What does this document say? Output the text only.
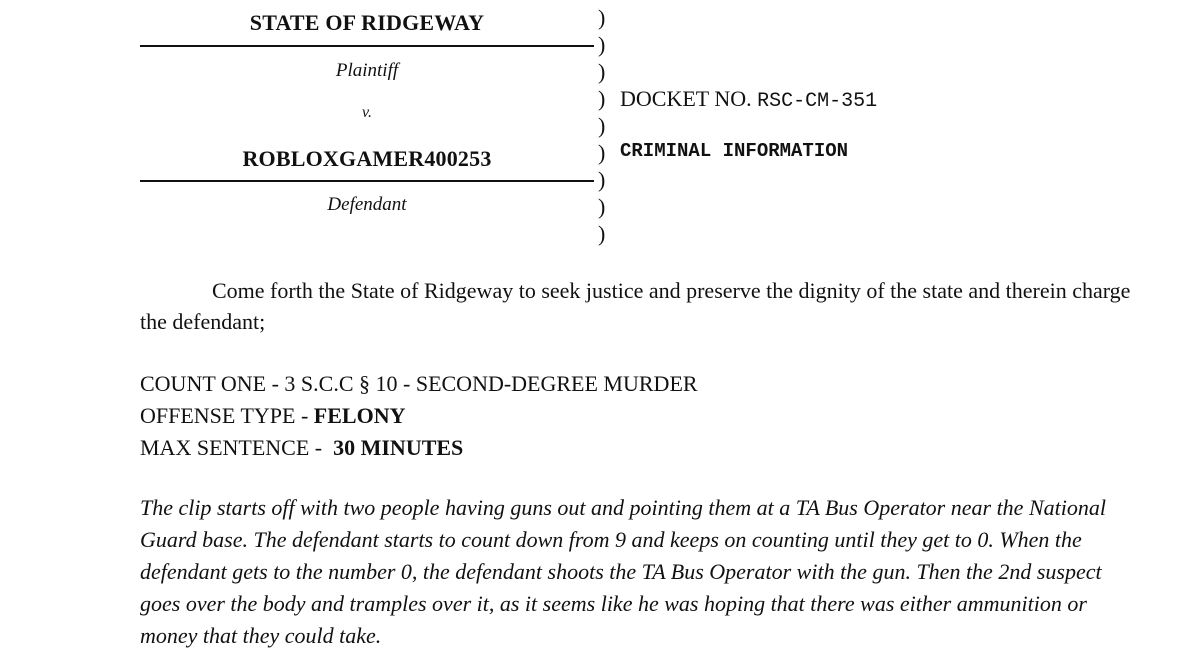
STATE OF RIDGEWAY
Plaintiff
v.
ROBLOXGAMER400253
Defendant
)
)
)
)
)
)
)
)
)
DOCKET NO. RSC-CM-351
CRIMINAL INFORMATION

Come forth the State of Ridgeway to seek justice and preserve the dignity of the state and therein charge the defendant;

COUNT ONE - 3 S.C.C § 10 - SECOND-DEGREE MURDER
OFFENSE TYPE - FELONY
MAX SENTENCE -  30 MINUTES

The clip starts off with two people having guns out and pointing them at a TA Bus Operator near the National Guard base. The defendant starts to count down from 9 and keeps on counting until they get to 0. When the defendant gets to the number 0, the defendant shoots the TA Bus Operator with the gun. Then the 2nd suspect goes over the body and tramples over it, as it seems like he was hoping that there was either ammunition or money that they could take.
